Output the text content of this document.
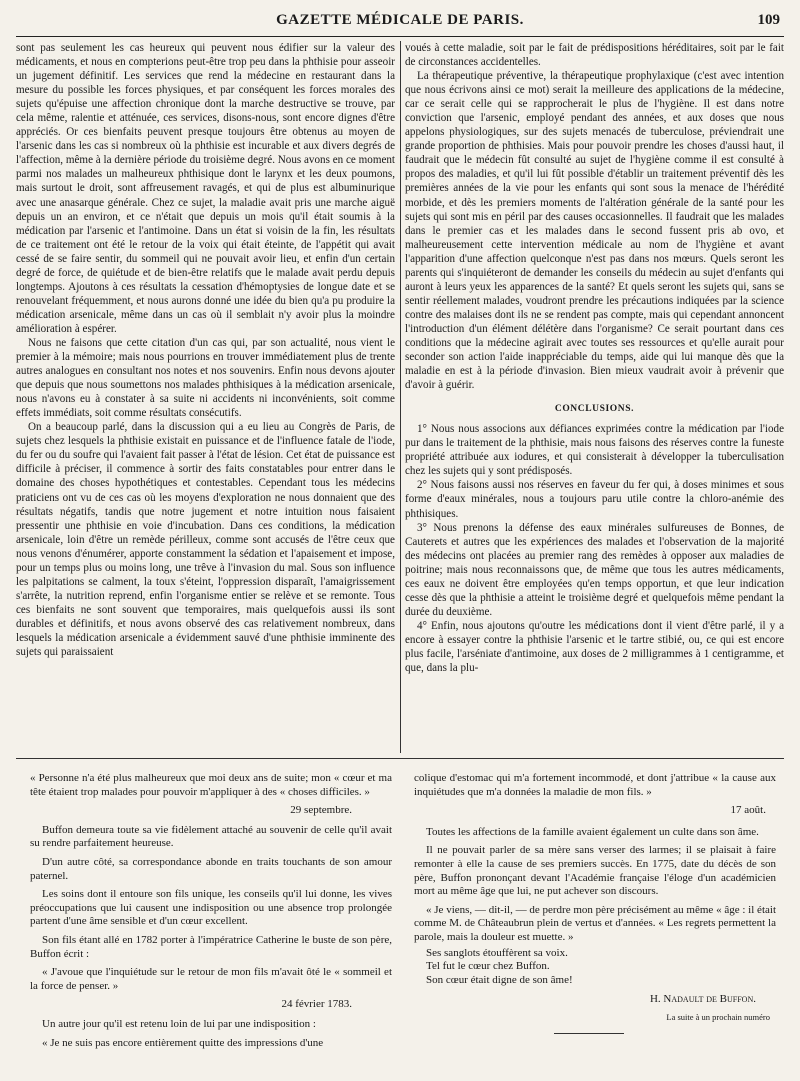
GAZETTE MÉDICALE DE PARIS.	109

sont pas seulement les cas heureux qui peuvent nous édifier sur la valeur des médicaments, et nous en compterions peut-être trop peu dans la phthisie pour asseoir un jugement définitif. Les services que rend la médecine en restaurant dans la mesure du possible les forces physiques, et par conséquent les forces morales des sujets qu'épuise une affection chronique dont la marche destructive se trouve, par cela même, ralentie et atténuée, ces services, disons-nous, sont encore dignes d'être appréciés. Or ces bienfaits peuvent presque toujours être obtenus au moyen de l'arsenic dans les cas si nombreux où la phthisie est incurable et aux divers degrés de l'affection, même à la dernière période du troisième degré. Nous avons en ce moment parmi nos malades un malheureux phthisique dont le larynx et les deux poumons, mais surtout le droit, sont affreusement ravagés, et qui de plus est albuminurique avec une anasarque générale. Chez ce sujet, la maladie avait pris une marche aiguë depuis un an environ, et ce n'était que depuis un mois qu'il était soumis à la médication par l'arsenic et l'antimoine. Dans un état si voisin de la fin, les résultats de ce traitement ont été le retour de la voix qui était éteinte, de l'appétit qui avait cessé de se faire sentir, du sommeil qui ne pouvait avoir lieu, et enfin d'un certain degré de force, de quiétude et de bien-être relatifs que le malade avait perdu depuis longtemps. Ajoutons à ces résultats la cessation d'hémoptysies de longue date et se renouvelant fréquemment, et nous aurons donné une idée du bien qu'a pu produire la médication arsenicale, même dans un cas où il semblait n'y avoir plus la moindre amélioration à espérer.

Nous ne faisons que cette citation d'un cas qui, par son actualité, nous vient le premier à la mémoire; mais nous pourrions en trouver immédiatement plus de trente autres analogues en consultant nos notes et nos souvenirs. Enfin nous devons ajouter que depuis que nous soumettons nos malades phthisiques à la médication arsenicale, nous n'avons eu à constater à sa suite ni accidents ni inconvénients, soit comme effets immédiats, soit comme résultats consécutifs.

On a beaucoup parlé, dans la discussion qui a eu lieu au Congrès de Paris, de sujets chez lesquels la phthisie existait en puissance et de l'influence fatale de l'iode, du fer ou du soufre qui l'avaient fait passer à l'état de lésion. Cet état de puissance est difficile à préciser, il commence à sortir des faits constatables pour entrer dans le domaine des choses hypothétiques et contestables. Cependant tous les médecins praticiens ont vu de ces cas où les moyens d'exploration ne nous donnaient que des résultats négatifs, tandis que notre jugement et notre intuition nous faisaient pressentir une phthisie en voie d'incubation. Dans ces conditions, la médication arsenicale, loin d'être un remède périlleux, comme sont accusés de l'être ceux que nous venons d'énumérer, apporte constamment la sédation et l'apaisement et impose, pour un temps plus ou moins long, une trêve à l'invasion du mal. Sous son influence les palpitations se calment, la toux s'éteint, l'oppression disparaît, l'amaigrissement s'arrête, la nutrition reprend, enfin l'organisme entier se relève et se remonte. Tous ces bienfaits ne sont souvent que temporaires, mais quelquefois aussi ils sont durables et définitifs, et nous avons observé des cas relativement nombreux, dans lesquels la médication arsenicale a évidemment sauvé d'une phthisie imminente des sujets qui paraissaient

voués à cette maladie, soit par le fait de prédispositions héréditaires, soit par le fait de circonstances accidentelles.

La thérapeutique préventive, la thérapeutique prophylaxique (c'est avec intention que nous écrivons ainsi ce mot) serait la meilleure des applications de la médecine, car ce serait celle qui se rapprocherait le plus de l'hygiène. Il est dans notre conviction que l'arsenic, employé pendant des années, et aux doses que nous appelons physiologiques, sur des sujets menacés de tuberculose, préviendrait une grande proportion de phthisies. Mais pour pouvoir prendre les choses d'aussi haut, il faudrait que le médecin fût consulté au sujet de l'hygiène comme il est consulté à propos des maladies, et qu'il lui fût possible d'établir un traitement préventif dès les premières années de la vie pour les enfants qui sont sous la menace de l'hérédité morbide, et dès les premiers moments de l'altération générale de la santé pour les sujets qui sont mis en péril par des causes occasionnelles. Il faudrait que les malades dans le premier cas et les malades dans le second fussent pris ab ovo, et malheureusement cette intervention médicale au nom de l'hygiène et avant l'apparition d'une affection quelconque n'est pas dans nos mœurs. Quels seront les parents qui s'inquiéteront de demander les conseils du médecin au sujet d'enfants qui auront à leurs yeux les apparences de la santé? Et quels seront les sujets qui, sans se sentir réellement malades, voudront prendre les précautions indiquées par la science contre des malaises dont ils ne se rendent pas compte, mais qui cependant annoncent l'introduction d'un élément délétère dans l'organisme? Ce serait pourtant dans ces conditions que la médecine agirait avec toutes ses ressources et qu'elle aurait pour seconder son action l'aide inappréciable du temps, aide qui lui manque dès que la maladie en est à la période d'invasion. Bien mieux vaudrait avoir à prévenir que d'avoir à guérir.

CONCLUSIONS.

1° Nous nous associons aux défiances exprimées contre la médication par l'iode pur dans le traitement de la phthisie, mais nous faisons des réserves contre la funeste propriété attribuée aux iodures, et qui consisterait à développer la tuberculisation chez les sujets qui y sont prédisposés.

2° Nous faisons aussi nos réserves en faveur du fer qui, à doses minimes et sous forme d'eaux minérales, nous a toujours paru utile contre la chloro-anémie des phthisiques.

3° Nous prenons la défense des eaux minérales sulfureuses de Bonnes, de Cauterets et autres que les expériences des malades et l'observation de la majorité des médecins ont placées au premier rang des remèdes à opposer aux maladies de poitrine; mais nous reconnaissons que, de même que tous les autres médicaments, ces eaux ne doivent être employées qu'en temps opportun, et que leur indication cesse dès que la phthisie a atteint le troisième degré et quelquefois même pendant la durée du deuxième.

4° Enfin, nous ajoutons qu'outre les médications dont il vient d'être parlé, il y a encore à essayer contre la phthisie l'arsenic et le tartre stibié, ou, ce qui est encore plus facile, l'arséniate d'antimoine, aux doses de 2 milligrammes à 1 centigramme, et que, dans la plu-

« Personne n'a été plus malheureux que moi deux ans de suite; mon « cœur et ma tête étaient trop malades pour pouvoir m'appliquer à des « choses difficiles. »

29 septembre.

Buffon demeura toute sa vie fidèlement attaché au souvenir de celle qu'il avait su rendre parfaitement heureuse.

D'un autre côté, sa correspondance abonde en traits touchants de son amour paternel.

Les soins dont il entoure son fils unique, les conseils qu'il lui donne, les vives préoccupations que lui causent une indisposition ou une absence trop prolongée partent d'une âme sensible et d'un cœur excellent.

Son fils étant allé en 1782 porter à l'impératrice Catherine le buste de son père, Buffon écrit :

« J'avoue que l'inquiétude sur le retour de mon fils m'avait ôté le « sommeil et la force de penser. »

24 février 1783.

Un autre jour qu'il est retenu loin de lui par une indisposition :

« Je ne suis pas encore entièrement quitte des impressions d'une

colique d'estomac qui m'a fortement incommodé, et dont j'attribue « la cause aux inquiétudes que m'a données la maladie de mon fils. »

17 août.

Toutes les affections de la famille avaient également un culte dans son âme.

Il ne pouvait parler de sa mère sans verser des larmes; il se plaisait à faire remonter à elle la cause de ses premiers succès. En 1775, date du décès de son père, Buffon prononçant devant l'Académie française l'éloge d'un académicien mort au même âge que lui, ne put achever son discours.

« Je viens, — dit-il, — de perdre mon père précisément au même « âge : il était comme M. de Châteaubrun plein de vertus et d'années. « Les regrets permettent la parole, mais la douleur est muette. »

Ses sanglots étouffèrent sa voix.

Tel fut le cœur chez Buffon.

Son cœur était digne de son âme!

H. Nadault de Buffon.

La suite à un prochain numéro
